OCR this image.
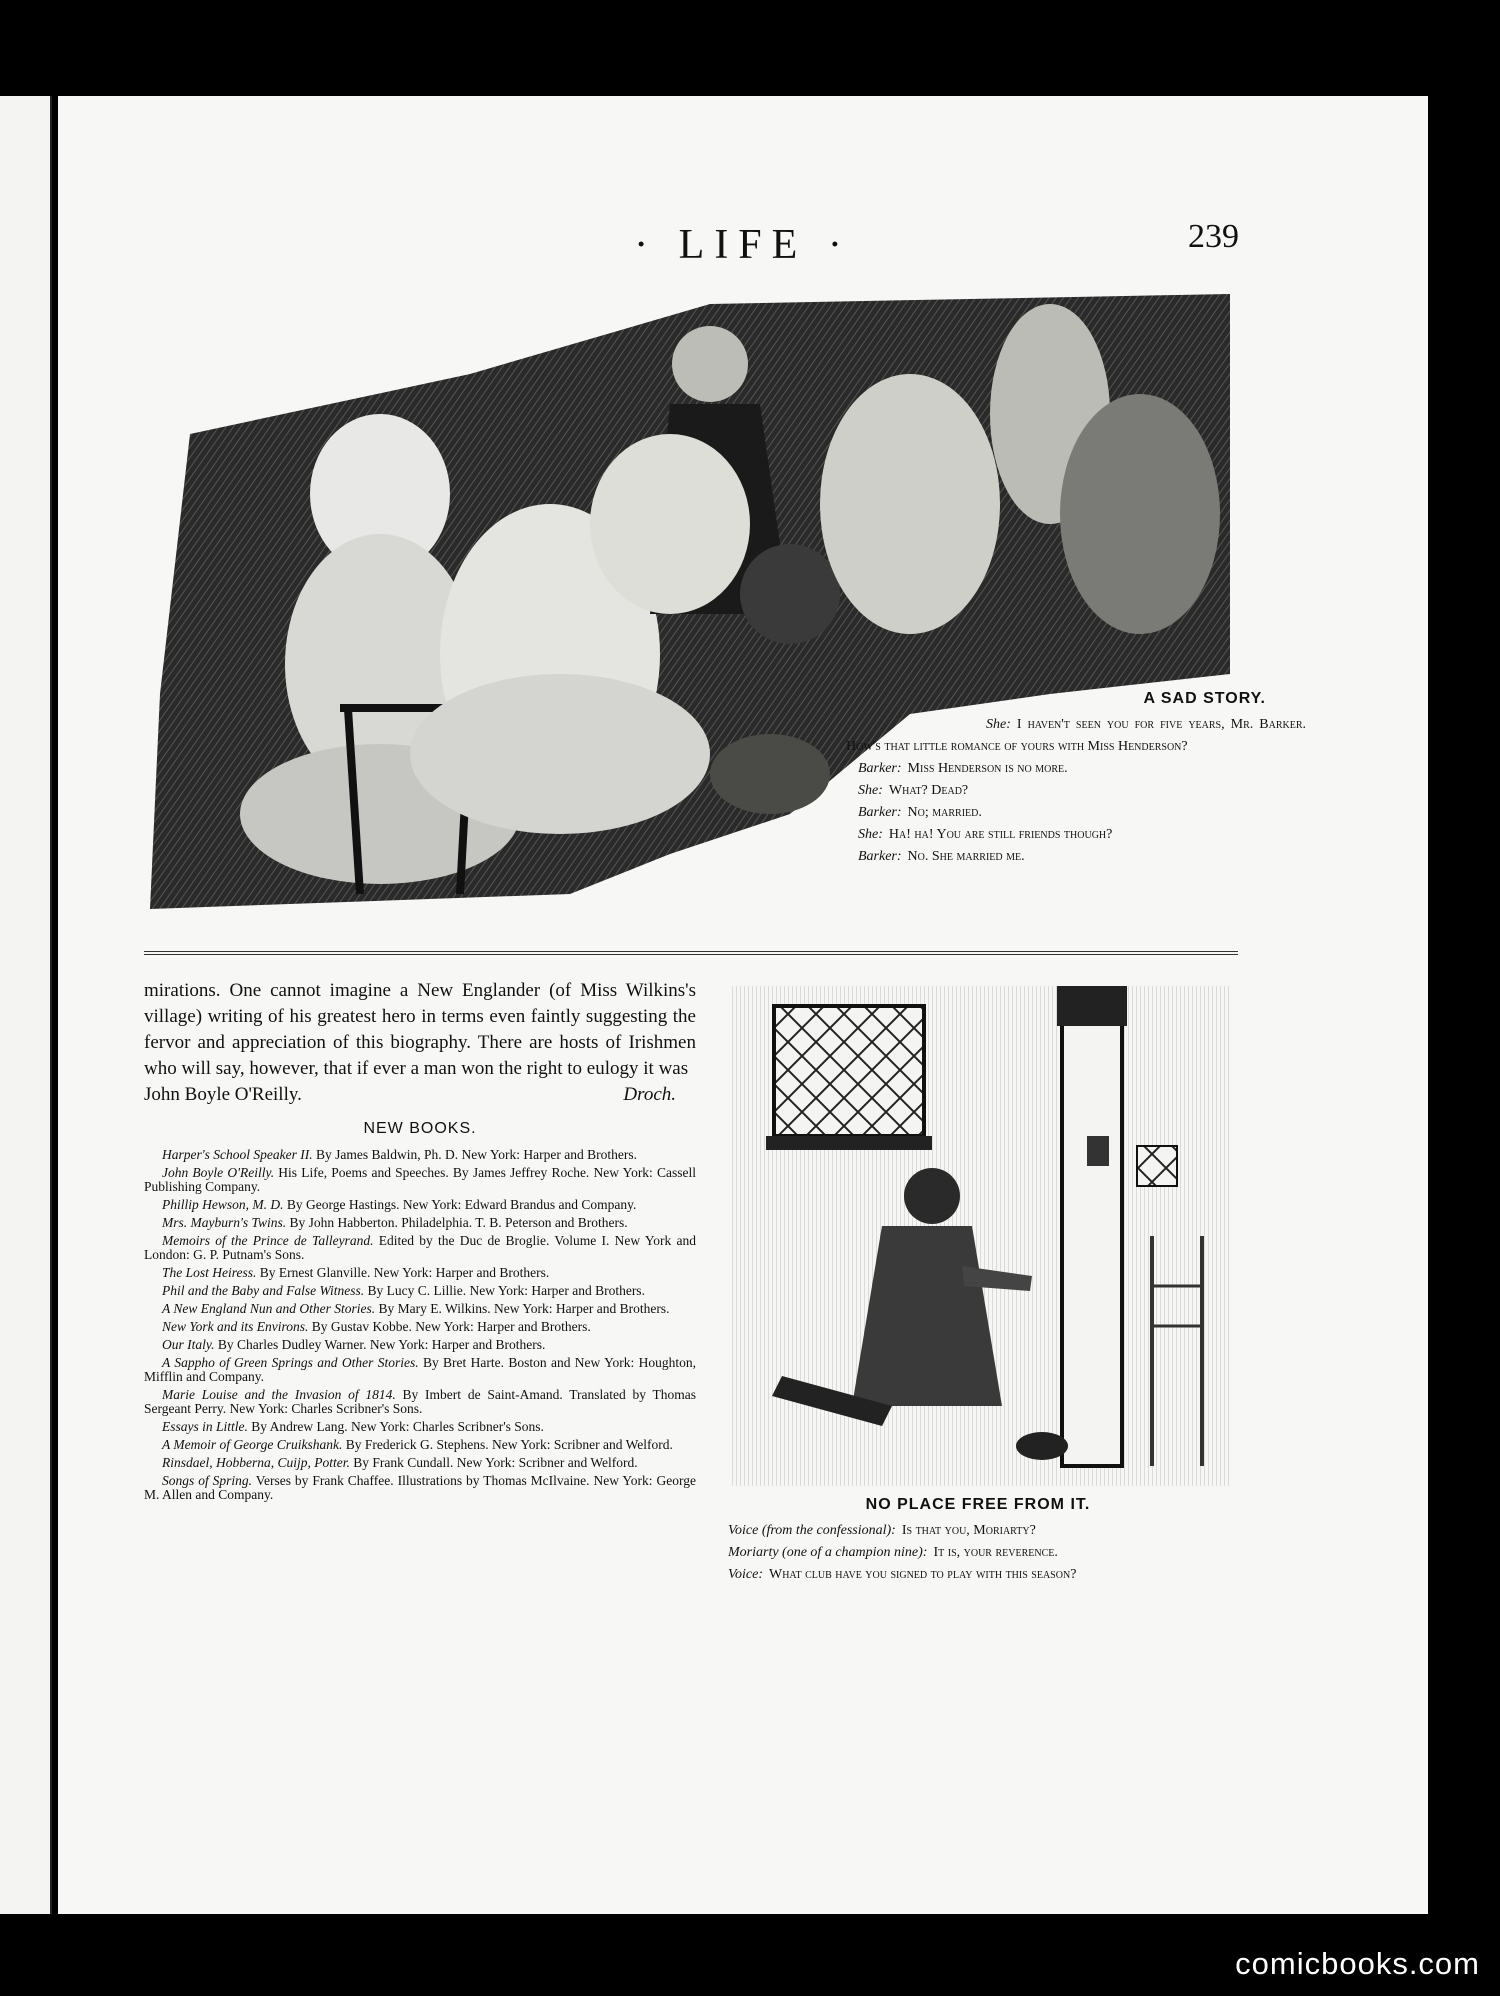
· LIFE ·	239
A SAD STORY.

She: I haven't seen you for five years, Mr. Barker. How's that little romance of yours with Miss Henderson?

Barker: Miss Henderson is no more.

She: What? Dead?

Barker: No; married.

She: Ha! ha! You are still friends though?

Barker: No. She married me.

mirations. One cannot imagine a New Englander (of Miss Wilkins's village) writing of his greatest hero in terms even faintly suggesting the fervor and appreciation of this biography. There are hosts of Irishmen who will say, however, that if ever a man won the right to eulogy it was

John Boyle O'Reilly.	Droch.
NEW BOOKS.
Harper's School Speaker II. By James Baldwin, Ph. D. New York: Harper and Brothers.
John Boyle O'Reilly. His Life, Poems and Speeches. By James Jeffrey Roche. New York: Cassell Publishing Company.
Phillip Hewson, M. D. By George Hastings. New York: Edward Brandus and Company.
Mrs. Mayburn's Twins. By John Habberton. Philadelphia. T. B. Peterson and Brothers.
Memoirs of the Prince de Talleyrand. Edited by the Duc de Broglie. Volume I. New York and London: G. P. Putnam's Sons.
The Lost Heiress. By Ernest Glanville. New York: Harper and Brothers.
Phil and the Baby and False Witness. By Lucy C. Lillie. New York: Harper and Brothers.
A New England Nun and Other Stories. By Mary E. Wilkins. New York: Harper and Brothers.
New York and its Environs. By Gustav Kobbe. New York: Harper and Brothers.
Our Italy. By Charles Dudley Warner. New York: Harper and Brothers.
A Sappho of Green Springs and Other Stories. By Bret Harte. Boston and New York: Houghton, Mifflin and Company.
Marie Louise and the Invasion of 1814. By Imbert de Saint-Amand. Translated by Thomas Sergeant Perry. New York: Charles Scribner's Sons.
Essays in Little. By Andrew Lang. New York: Charles Scribner's Sons.
A Memoir of George Cruikshank. By Frederick G. Stephens. New York: Scribner and Welford.
Rinsdael, Hobberna, Cuijp, Potter. By Frank Cundall. New York: Scribner and Welford.
Songs of Spring. Verses by Frank Chaffee. Illustrations by Thomas McIlvaine. New York: George M. Allen and Company.
NO PLACE FREE FROM IT.

Voice (from the confessional): Is that you, Moriarty?

Moriarty (one of a champion nine): It is, your reverence.

Voice: What club have you signed to play with this season?

comicbooks.com
